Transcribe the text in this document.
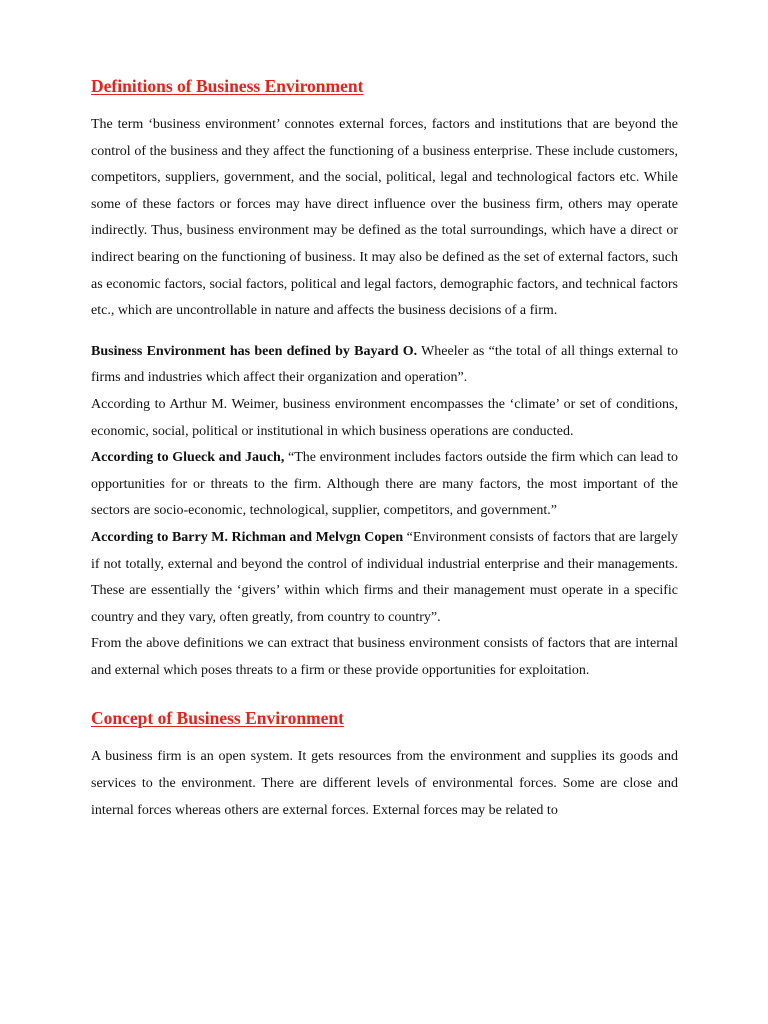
Definitions of Business Environment

The term ‘business environment’ connotes external forces, factors and institutions that are beyond the control of the business and they affect the functioning of a business enterprise. These include customers, competitors, suppliers, government, and the social, political, legal and technological factors etc. While some of these factors or forces may have direct influence over the business firm, others may operate indirectly. Thus, business environment may be defined as the total surroundings, which have a direct or indirect bearing on the functioning of business. It may also be defined as the set of external factors, such as economic factors, social factors, political and legal factors, demographic factors, and technical factors etc., which are uncontrollable in nature and affects the business decisions of a firm.

Business Environment has been defined by Bayard O. Wheeler as “the total of all things external to firms and industries which affect their organization and operation”.

According to Arthur M. Weimer, business environment encompasses the ‘climate’ or set of conditions, economic, social, political or institutional in which business operations are conducted.

According to Glueck and Jauch, “The environment includes factors outside the firm which can lead to opportunities for or threats to the firm. Although there are many factors, the most important of the sectors are socio-economic, technological, supplier, competitors, and government.”

According to Barry M. Richman and Melvgn Copen “Environment consists of factors that are largely if not totally, external and beyond the control of individual industrial enterprise and their managements. These are essentially the ‘givers’ within which firms and their management must operate in a specific country and they vary, often greatly, from country to country”.

From the above definitions we can extract that business environment consists of factors that are internal and external which poses threats to a firm or these provide opportunities for exploitation.

Concept of Business Environment

A business firm is an open system. It gets resources from the environment and supplies its goods and services to the environment. There are different levels of environmental forces. Some are close and internal forces whereas others are external forces. External forces may be related to
